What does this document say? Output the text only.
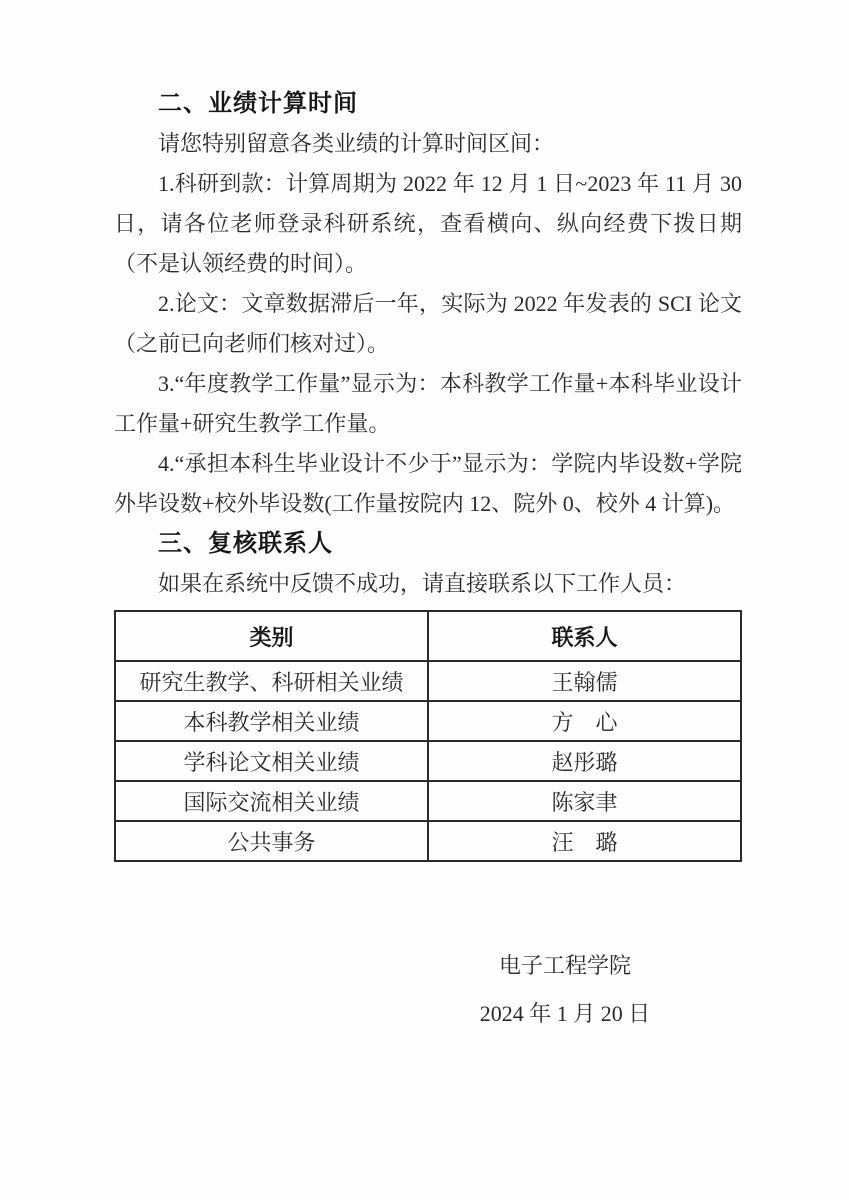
二、业绩计算时间

请您特别留意各类业绩的计算时间区间：

1.科研到款：计算周期为 2022 年 12 月 1 日~2023 年 11 月 30 日，请各位老师登录科研系统，查看横向、纵向经费下拨日期（不是认领经费的时间）。

2.论文：文章数据滞后一年，实际为 2022 年发表的 SCI 论文（之前已向老师们核对过）。

3.“年度教学工作量”显示为：本科教学工作量+本科毕业设计工作量+研究生教学工作量。

4.“承担本科生毕业设计不少于”显示为：学院内毕设数+学院外毕设数+校外毕设数(工作量按院内 12、院外 0、校外 4 计算)。

三、复核联系人

如果在系统中反馈不成功，请直接联系以下工作人员：

类别	联系人
研究生教学、科研相关业绩	王翰儒
本科教学相关业绩	方　心
学科论文相关业绩	赵彤璐
国际交流相关业绩	陈家聿
公共事务	汪　璐
电子工程学院
2024 年 1 月 20 日
